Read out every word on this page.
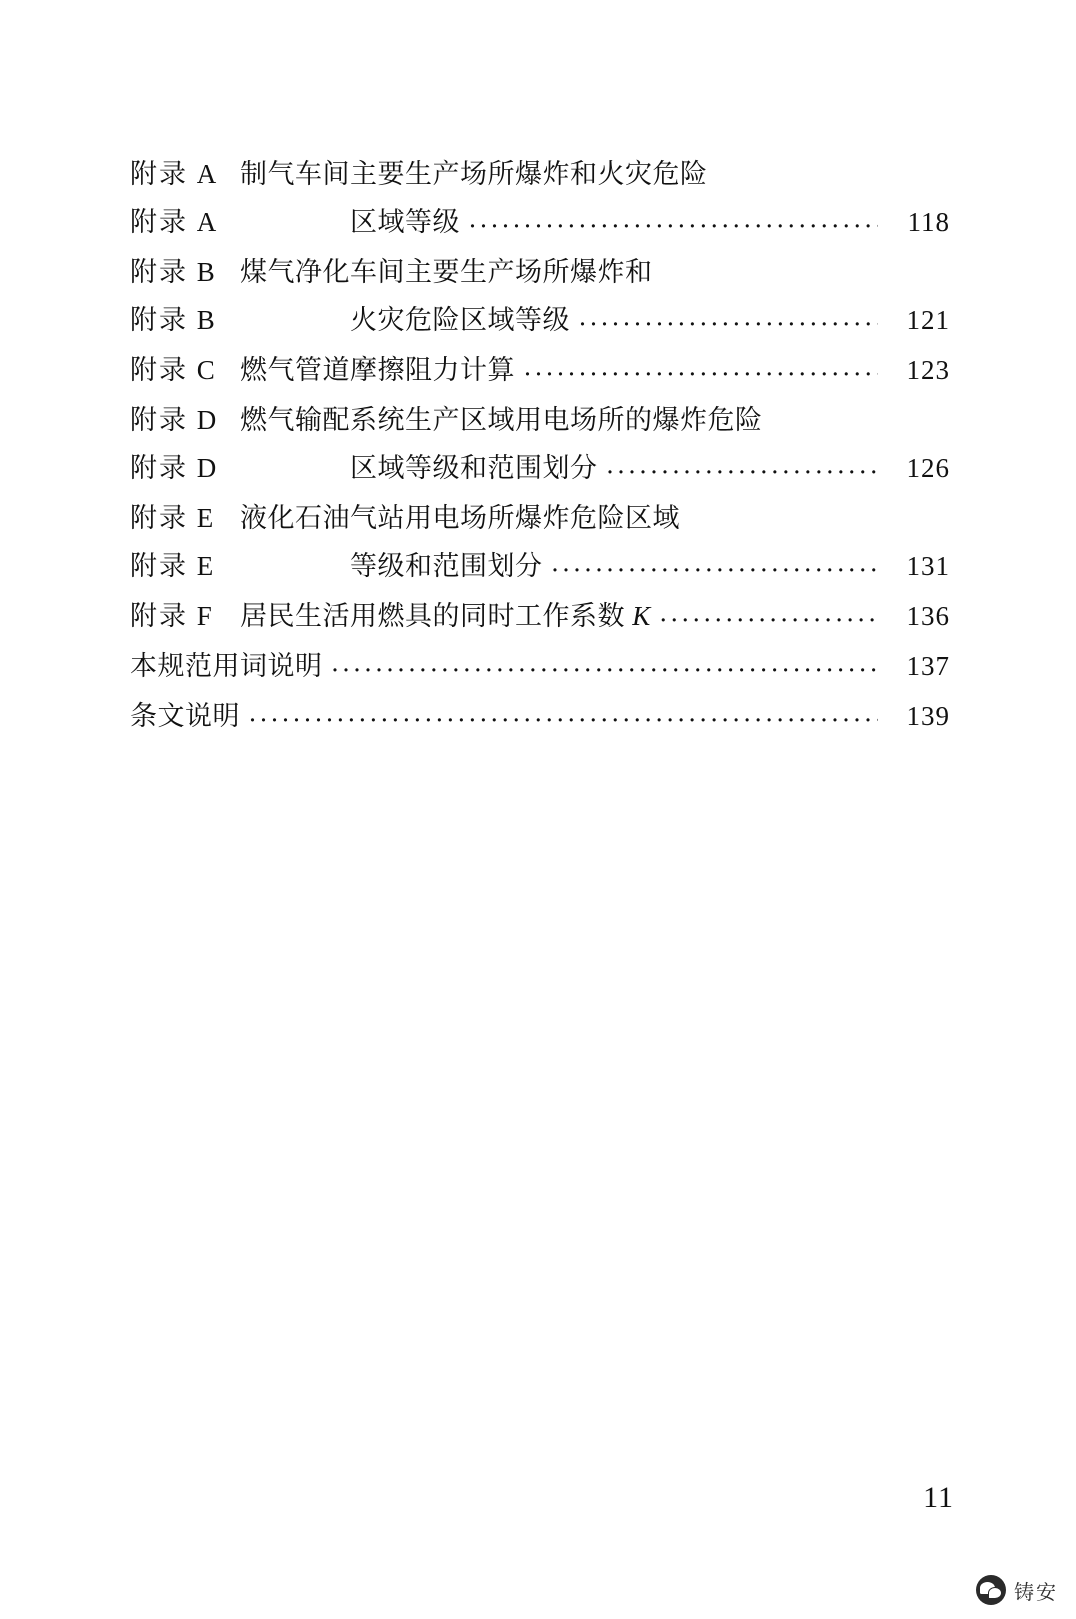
附录 A 制气车间主要生产场所爆炸和火灾危险
附录 A	区域等级 ·····	118
附录 B 煤气净化车间主要生产场所爆炸和
附录 B	火灾危险区域等级 ·····	121
附录 C 燃气管道摩擦阻力计算 ·····	123
附录 D 燃气输配系统生产区域用电场所的爆炸危险
附录 D	区域等级和范围划分 ·····	126
附录 E 液化石油气站用电场所爆炸危险区域
附录 E	等级和范围划分 ·····	131
附录 F 居民生活用燃具的同时工作系数 K ·····	136
本规范用词说明 ·····	137
条文说明 ·····	139
11
铸安
